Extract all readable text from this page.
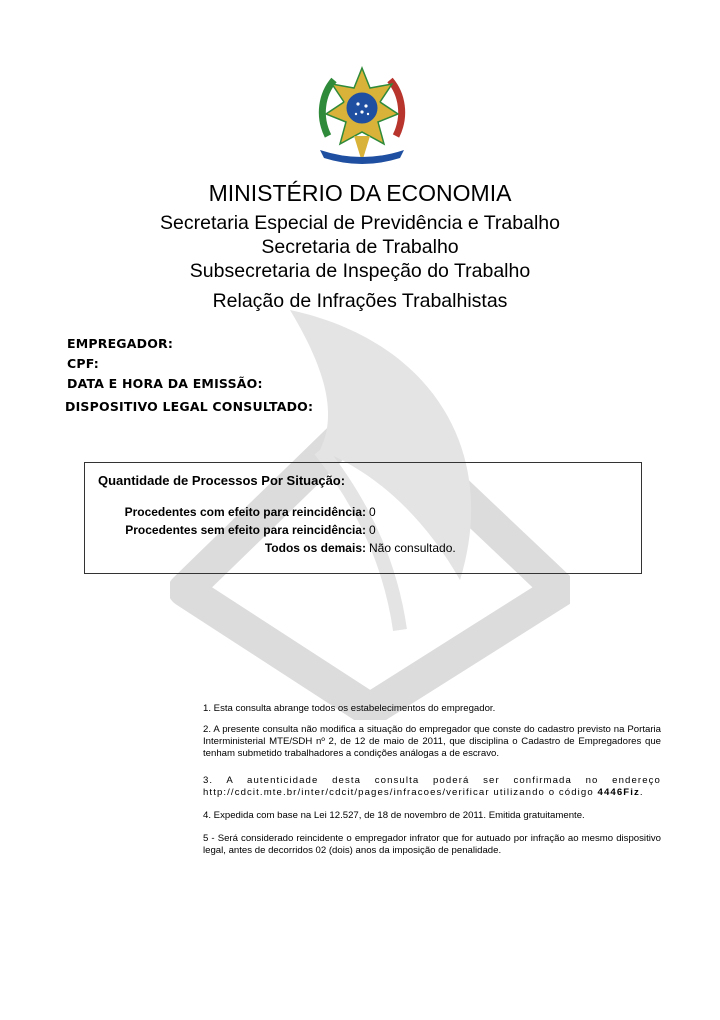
MINISTÉRIO DA ECONOMIA
Secretaria Especial de Previdência e Trabalho
Secretaria de Trabalho
Subsecretaria de Inspeção do Trabalho
Relação de Infrações Trabalhistas
EMPREGADOR:
CPF:
DATA E HORA DA EMISSÃO:
DISPOSITIVO LEGAL CONSULTADO:
Quantidade de Processos Por Situação:
Procedentes com efeito para reincidência: 0
Procedentes sem efeito para reincidência: 0
Todos os demais: Não consultado.
1. Esta consulta abrange todos os estabelecimentos do empregador.
2. A presente consulta não modifica a situação do empregador que conste do cadastro previsto na Portaria Interministerial MTE/SDH nº 2, de 12 de maio de 2011, que disciplina o Cadastro de Empregadores que tenham submetido trabalhadores a condições análogas a de escravo.
3. A autenticidade desta consulta poderá ser confirmada no endereço http://cdcit.mte.br/inter/cdcit/pages/infracoes/verificar utilizando o código 4446Fiz.
4. Expedida com base na Lei 12.527, de 18 de novembro de 2011. Emitida gratuitamente.
5 - Será considerado reincidente o empregador infrator que for autuado por infração ao mesmo dispositivo legal, antes de decorridos 02 (dois) anos da imposição de penalidade.
